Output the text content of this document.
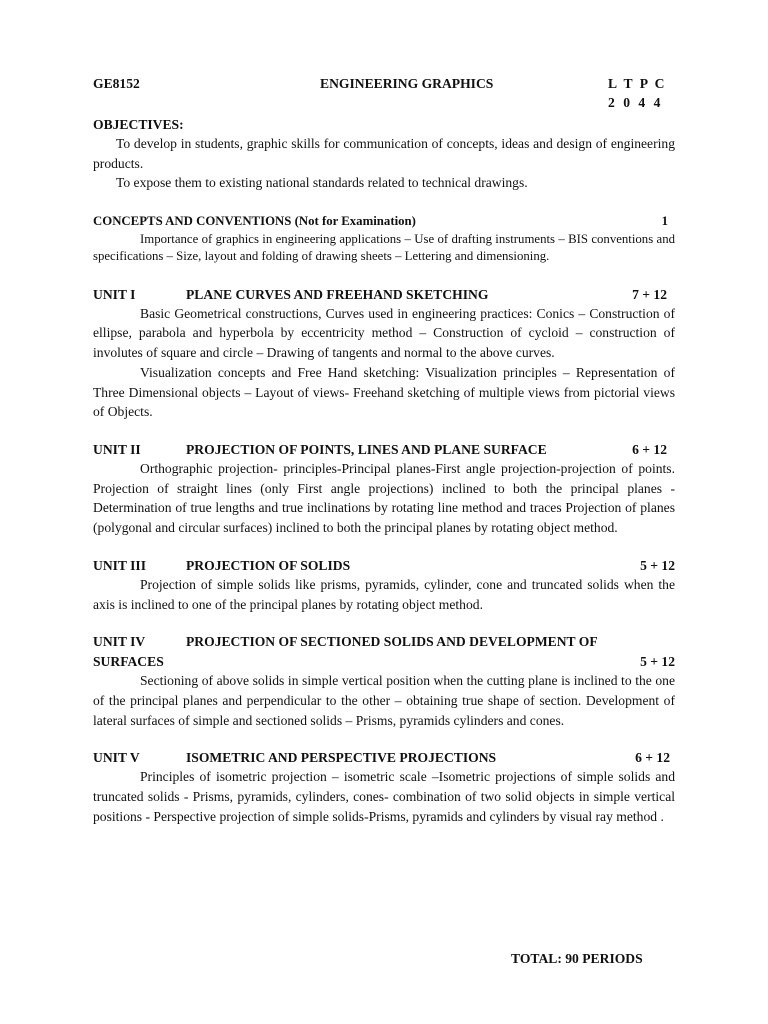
GE8152	ENGINEERING GRAPHICS	L T P C
2 0 4 4
OBJECTIVES:

To develop in students, graphic skills for communication of concepts, ideas and design of engineering products.

To expose them to existing national standards related to technical drawings.

CONCEPTS AND CONVENTIONS (Not for Examination)	1

Importance of graphics in engineering applications – Use of drafting instruments – BIS conventions and specifications – Size, layout and folding of drawing sheets – Lettering and dimensioning.

UNIT I	PLANE CURVES AND FREEHAND SKETCHING	7 + 12

Basic Geometrical constructions, Curves used in engineering practices: Conics – Construction of ellipse, parabola and hyperbola by eccentricity method – Construction of cycloid – construction of involutes of square and circle – Drawing of tangents and normal to the above curves.

Visualization concepts and Free Hand sketching: Visualization principles – Representation of Three Dimensional objects – Layout of views- Freehand sketching of multiple views from pictorial views of Objects.

UNIT II	PROJECTION OF POINTS, LINES AND PLANE SURFACE	6 + 12

Orthographic projection- principles-Principal planes-First angle projection-projection of points. Projection of straight lines (only First angle projections) inclined to both the principal planes - Determination of true lengths and true inclinations by rotating line method and traces Projection of planes (polygonal and circular surfaces) inclined to both the principal planes by rotating object method.

UNIT III	PROJECTION OF SOLIDS	5 + 12

Projection of simple solids like prisms, pyramids, cylinder, cone and truncated solids when the axis is inclined to one of the principal planes by rotating object method.

UNIT IV	PROJECTION OF SECTIONED SOLIDS AND DEVELOPMENT OF
SURFACES	5 + 12

Sectioning of above solids in simple vertical position when the cutting plane is inclined to the one of the principal planes and perpendicular to the other – obtaining true shape of section. Development of lateral surfaces of simple and sectioned solids – Prisms, pyramids cylinders and cones.

UNIT V	ISOMETRIC AND PERSPECTIVE PROJECTIONS	6 + 12

Principles of isometric projection – isometric scale –Isometric projections of simple solids and truncated solids - Prisms, pyramids, cylinders, cones- combination of two solid objects in simple vertical positions - Perspective projection of simple solids-Prisms, pyramids and cylinders by visual ray method .

TOTAL: 90 PERIODS
